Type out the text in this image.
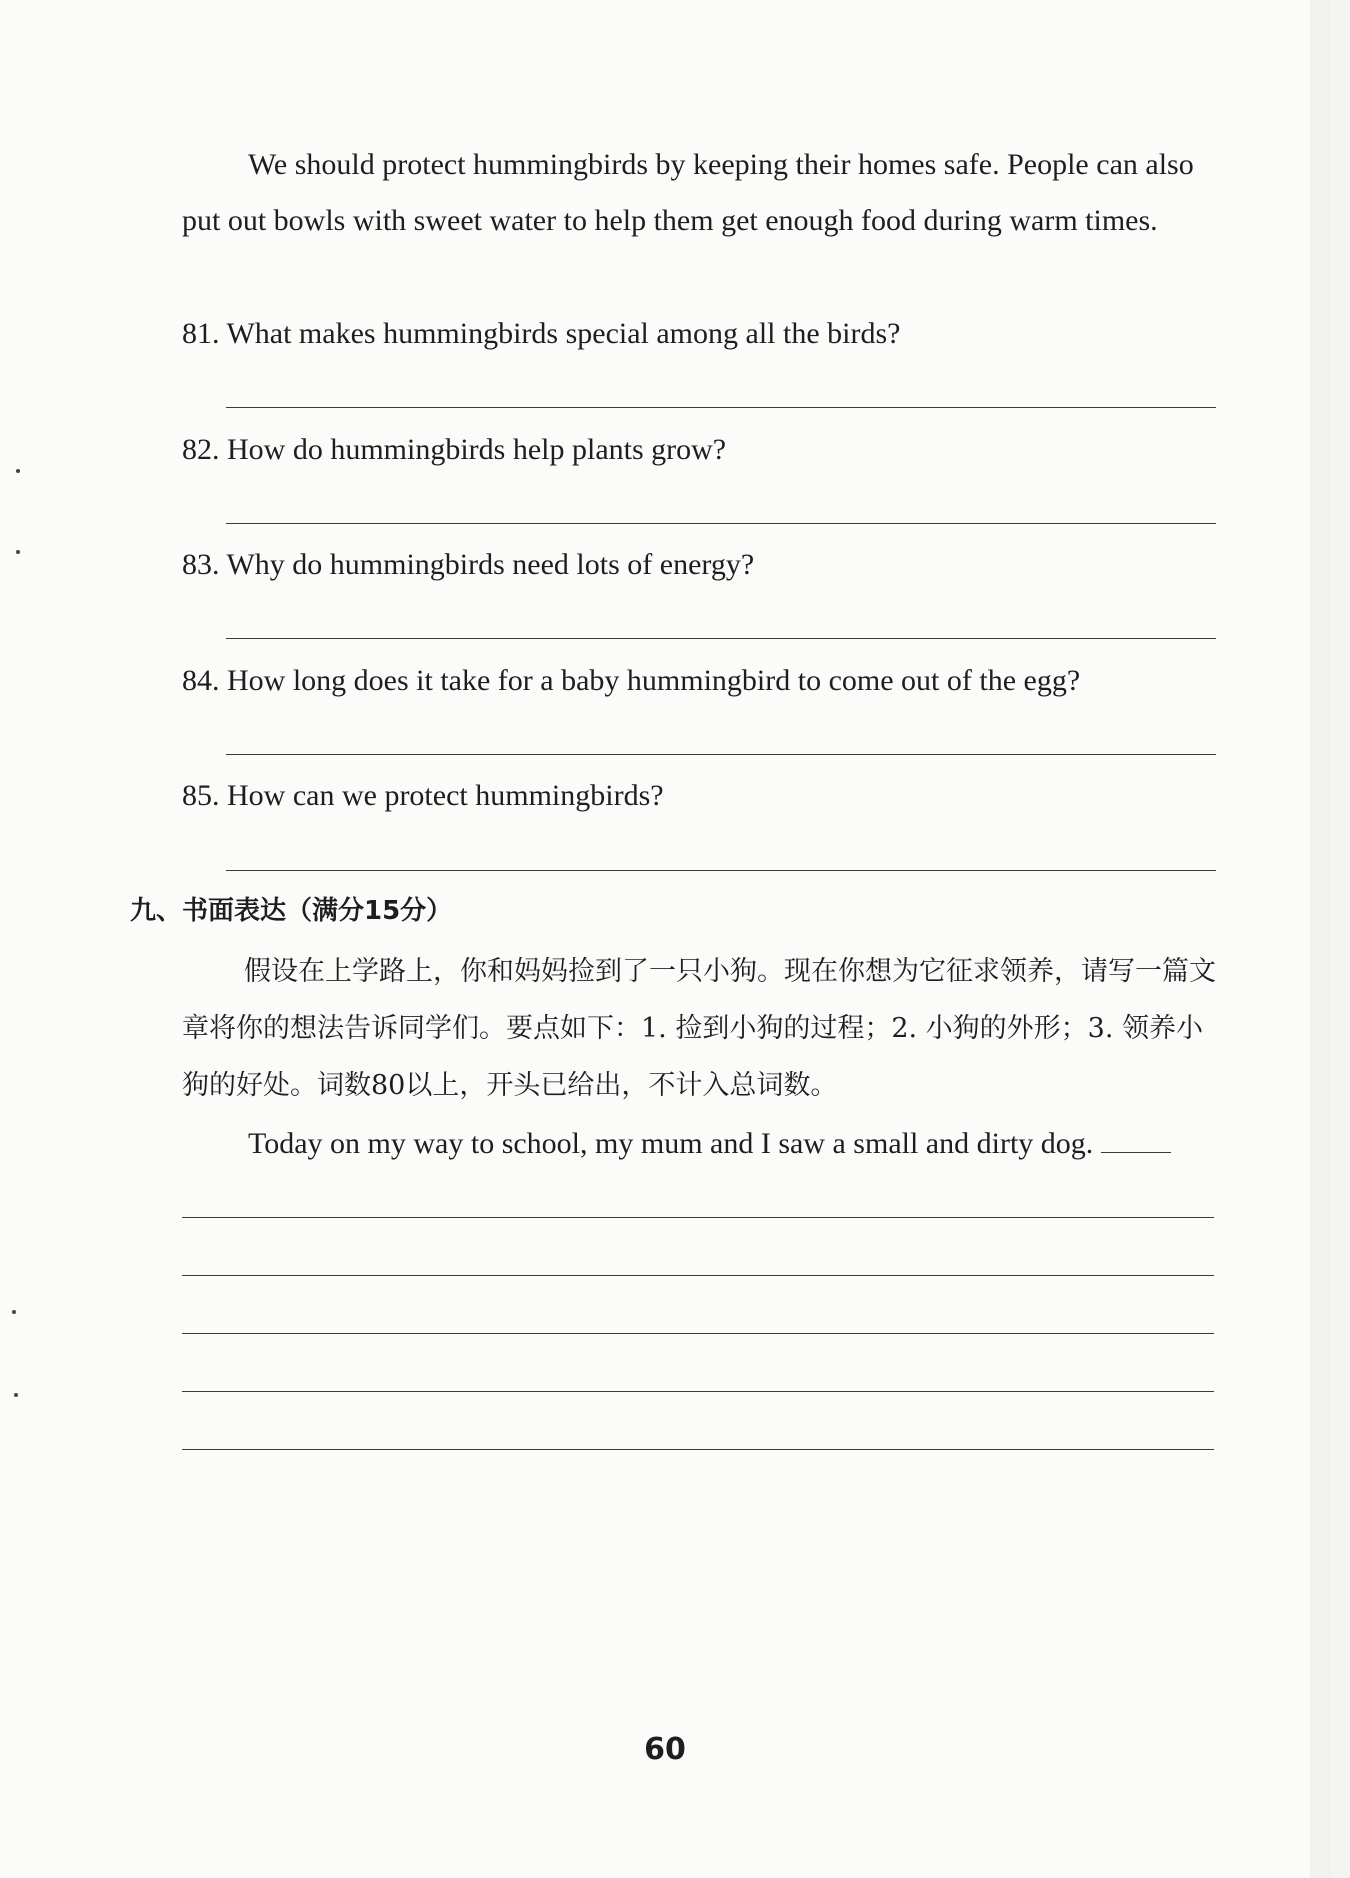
We should protect hummingbirds by keeping their homes safe. People can also put out bowls with sweet water to help them get enough food during warm times.
81. What makes hummingbirds special among all the birds?
82. How do hummingbirds help plants grow?
83. Why do hummingbirds need lots of energy?
84. How long does it take for a baby hummingbird to come out of the egg?
85. How can we protect hummingbirds?
九、书面表达（满分15分）
假设在上学路上，你和妈妈捡到了一只小狗。现在你想为它征求领养，请写一篇文章将你的想法告诉同学们。要点如下：1. 捡到小狗的过程；2. 小狗的外形；3. 领养小狗的好处。词数80以上，开头已给出，不计入总词数。
Today on my way to school, my mum and I saw a small and dirty dog.
60
